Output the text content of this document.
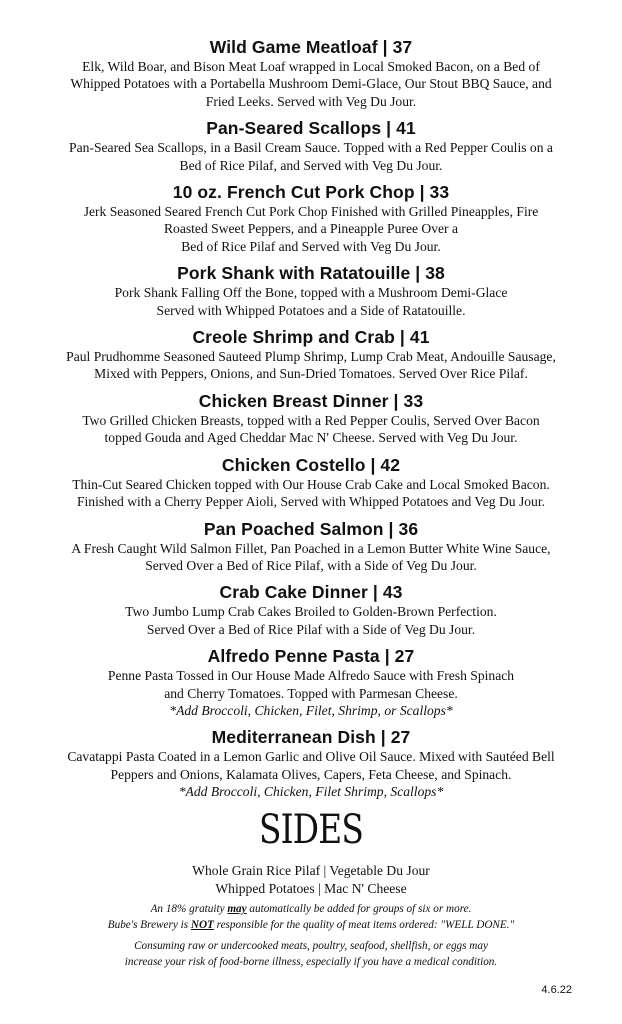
Wild Game Meatloaf | 37
Elk, Wild Boar, and Bison Meat Loaf wrapped in Local Smoked Bacon, on a Bed of
Whipped Potatoes with a Portabella Mushroom Demi-Glace, Our Stout BBQ Sauce, and
Fried Leeks. Served with Veg Du Jour.
Pan-Seared Scallops | 41
Pan-Seared Sea Scallops, in a Basil Cream Sauce. Topped with a Red Pepper Coulis on a
Bed of Rice Pilaf, and Served with Veg Du Jour.
10 oz. French Cut Pork Chop | 33
Jerk Seasoned Seared French Cut Pork Chop Finished with Grilled Pineapples, Fire
Roasted Sweet Peppers, and a Pineapple Puree Over a
Bed of Rice Pilaf and Served with Veg Du Jour.
Pork Shank with Ratatouille | 38
Pork Shank Falling Off the Bone, topped with a Mushroom Demi-Glace
Served with Whipped Potatoes and a Side of Ratatouille.
Creole Shrimp and Crab | 41
Paul Prudhomme Seasoned Sauteed Plump Shrimp, Lump Crab Meat, Andouille Sausage,
Mixed with Peppers, Onions, and Sun-Dried Tomatoes. Served Over Rice Pilaf.
Chicken Breast Dinner | 33
Two Grilled Chicken Breasts, topped with a Red Pepper Coulis, Served Over Bacon
topped Gouda and Aged Cheddar Mac N' Cheese. Served with Veg Du Jour.
Chicken Costello | 42
Thin-Cut Seared Chicken topped with Our House Crab Cake and Local Smoked Bacon.
Finished with a Cherry Pepper Aioli, Served with Whipped Potatoes and Veg Du Jour.
Pan Poached Salmon | 36
A Fresh Caught Wild Salmon Fillet, Pan Poached in a Lemon Butter White Wine Sauce,
Served Over a Bed of Rice Pilaf, with a Side of Veg Du Jour.
Crab Cake Dinner | 43
Two Jumbo Lump Crab Cakes Broiled to Golden-Brown Perfection.
Served Over a Bed of Rice Pilaf with a Side of Veg Du Jour.
Alfredo Penne Pasta | 27
Penne Pasta Tossed in Our House Made Alfredo Sauce with Fresh Spinach
and Cherry Tomatoes. Topped with Parmesan Cheese.
*Add Broccoli, Chicken, Filet, Shrimp, or Scallops*
Mediterranean Dish | 27
Cavatappi Pasta Coated in a Lemon Garlic and Olive Oil Sauce. Mixed with Sautéed Bell
Peppers and Onions, Kalamata Olives, Capers, Feta Cheese, and Spinach.
*Add Broccoli, Chicken, Filet Shrimp, Scallops*
SIDES
Whole Grain Rice Pilaf | Vegetable Du Jour
Whipped Potatoes | Mac N' Cheese
An 18% gratuity may automatically be added for groups of six or more.
Bube's Brewery is NOT responsible for the quality of meat items ordered: "WELL DONE."
Consuming raw or undercooked meats, poultry, seafood, shellfish, or eggs may
increase your risk of food-borne illness, especially if you have a medical condition.
4.6.22
